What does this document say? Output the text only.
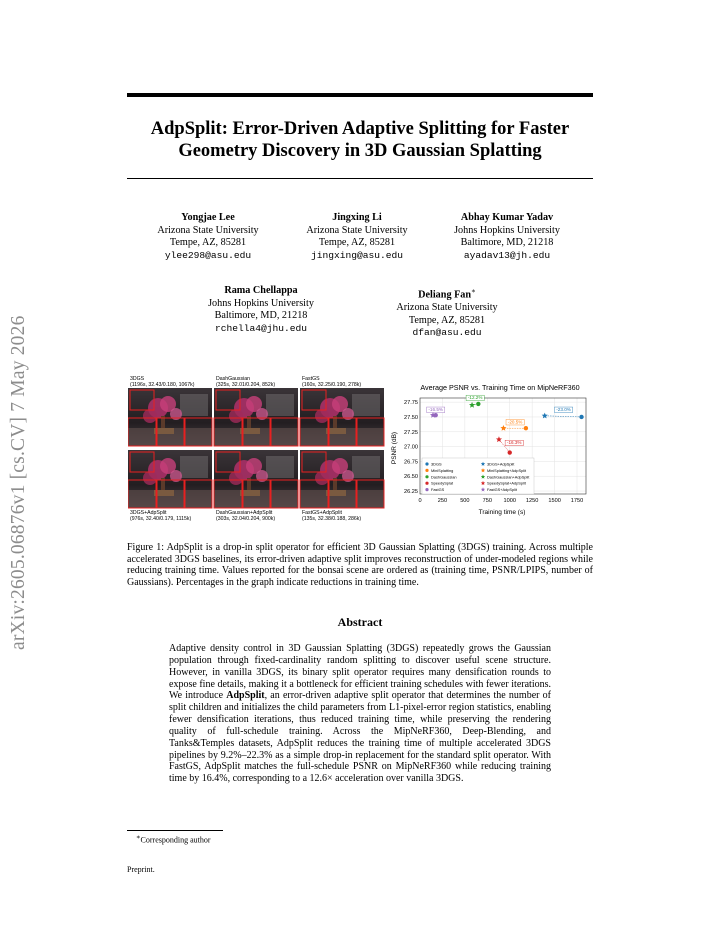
arXiv:2605.06876v1 [cs.CV] 7 May 2026
AdpSplit: Error-Driven Adaptive Splitting for Faster
Geometry Discovery in 3D Gaussian Splatting
Yongjae Lee
Arizona State University
Tempe, AZ, 85281
ylee298@asu.edu
Jingxing Li
Arizona State University
Tempe, AZ, 85281
jingxing@asu.edu
Abhay Kumar Yadav
Johns Hopkins University
Baltimore, MD, 21218
ayadav13@jh.edu
Rama Chellappa
Johns Hopkins University
Baltimore, MD, 21218
rchella4@jhu.edu
Deliang Fan∗
Arizona State University
Tempe, AZ, 85281
dfan@asu.edu
3DGS
(1196s, 32.43/0.180, 1067k)
DashGaussian
(325s, 32.01/0.204, 852k)
FastGS
(160s, 32.25/0.190, 278k)
3DGS+AdpSplit
(976s, 32.40/0.179, 1115k)
DashGaussian+AdpSplit
(303s, 32.04/0.204, 900k)
FastGS+AdpSplit
(135s, 32.38/0.188, 286k)
Average PSNR vs. Training Time on MipNeRF360
0	250 500 750 1000 1250 1500 1750
26.25
26.50
26.75
27.00
27.25
27.50
27.75
-16.5%
-12.2%
-20.5%
-16.3%
-23.0%
3DGS
MiniSplatting
DashGaussian
SpeedySplat
FastGS
3DGS+AdpSplit
MiniSplatting+AdpSplit
DashGaussian+AdpSplit
SpeedySplat+AdpSplit
FastGS+AdpSplit
Training time (s)
PSNR (dB)
Figure 1: AdpSplit is a drop-in split operator for efficient 3D Gaussian Splatting (3DGS) training. Across multiple accelerated 3DGS baselines, its error-driven adaptive split improves reconstruction of under-modeled regions while reducing training time. Values reported for the bonsai scene are ordered as (training time, PSNR/LPIPS, number of Gaussians). Percentages in the graph indicate reductions in training time.
Abstract
Adaptive density control in 3D Gaussian Splatting (3DGS) repeatedly grows the Gaussian population through fixed-cardinality random splitting to discover useful scene structure. However, in vanilla 3DGS, its binary split operator requires many densification rounds to expose fine details, making it a bottleneck for efficient training schedules with fewer iterations. We introduce AdpSplit, an error-driven adaptive split operator that determines the number of split children and initializes the child parameters from L1-pixel-error region statistics, enabling fewer densification iterations, thus reduced training time, while preserving the rendering quality of full-schedule training. Across the MipNeRF360, Deep-Blending, and Tanks&Temples datasets, AdpSplit reduces the training time of multiple accelerated 3DGS pipelines by 9.2%–22.3% as a simple drop-in replacement for the standard split operator. With FastGS, AdpSplit matches the full-schedule PSNR on MipNeRF360 while reducing training time by 16.4%, corresponding to a 12.6× acceleration over vanilla 3DGS.
∗Corresponding author
Preprint.
